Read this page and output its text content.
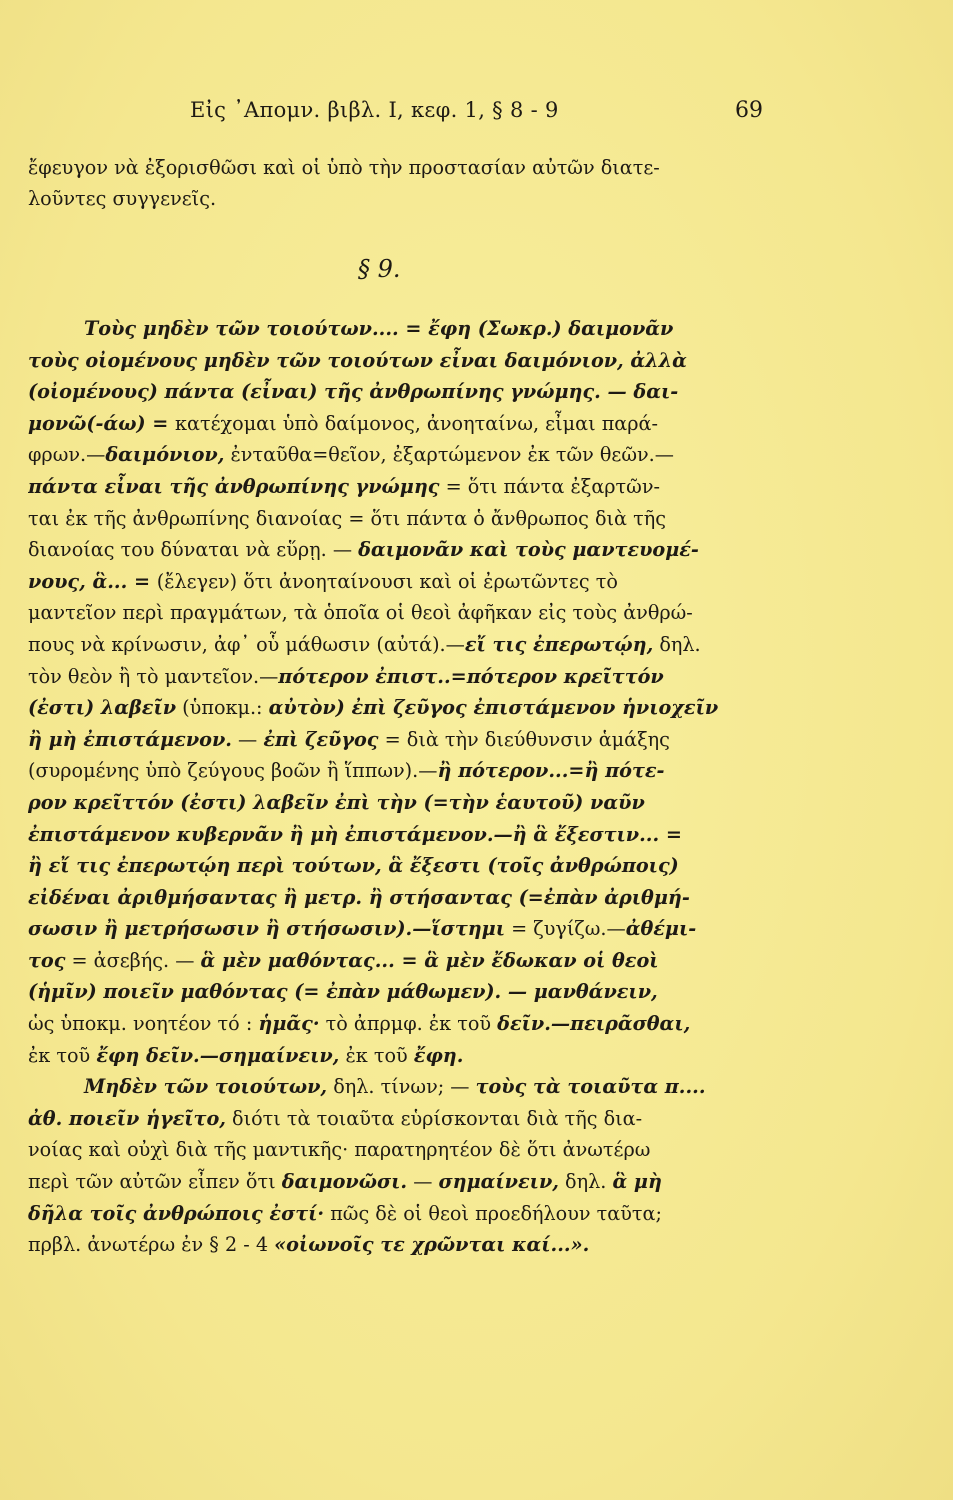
Εἰς ᾿Απομν. βιβλ. I, κεφ. 1, § 8 - 9	69
ἔφευγον νὰ ἐξορισθῶσι καὶ οἱ ὑπὸ τὴν προστασίαν αὐτῶν διατε-
λοῦντες συγγενεῖς.
§ 9.
Τοὺς μηδὲν τῶν τοιούτων.... = ἔφη (Σωκρ.) δαιμονᾶν
τοὺς οἰομένους μηδὲν τῶν τοιούτων εἶναι δαιμόνιον, ἀλλὰ
(οἰομένους) πάντα (εἶναι) τῆς ἀνθρωπίνης γνώμης. — δαι-
μονῶ(-άω) = κατέχομαι ὑπὸ δαίμονος, ἀνοηταίνω, εἶμαι παρά-
φρων.—δαιμόνιον, ἐνταῦθα=θεῖον, ἐξαρτώμενον ἐκ τῶν θεῶν.—
πάντα εἶναι τῆς ἀνθρωπίνης γνώμης = ὅτι πάντα ἐξαρτῶν-
ται ἐκ τῆς ἀνθρωπίνης διανοίας = ὅτι πάντα ὁ ἄνθρωπος διὰ τῆς
διανοίας του δύναται νὰ εὕρῃ. — δαιμονᾶν καὶ τοὺς μαντευομέ-
νους, ἃ... = (ἔλεγεν) ὅτι ἀνοηταίνουσι καὶ οἱ ἐρωτῶντες τὸ
μαντεῖον περὶ πραγμάτων, τὰ ὁποῖα οἱ θεοὶ ἀφῆκαν εἰς τοὺς ἀνθρώ-
πους νὰ κρίνωσιν, ἀφ᾿ οὗ μάθωσιν (αὐτά).—εἴ τις ἐπερωτῴη, δηλ.
τὸν θεὸν ἢ τὸ μαντεῖον.—πότερον ἐπιστ..=πότερον κρεῖττόν
(ἐστι) λαβεῖν (ὑποκμ.: αὐτὸν) ἐπὶ ζεῦγος ἐπιστάμενον ἡνιοχεῖν
ἢ μὴ ἐπιστάμενον. — ἐπὶ ζεῦγος = διὰ τὴν διεύθυνσιν ἁμάξης
(συρομένης ὑπὸ ζεύγους βοῶν ἢ ἵππων).—ἢ πότερον...=ἢ πότε-
ρον κρεῖττόν (ἐστι) λαβεῖν ἐπὶ τὴν (=τὴν ἑαυτοῦ) ναῦν
ἐπιστάμενον κυβερνᾶν ἢ μὴ ἐπιστάμενον.—ἢ ἃ ἔξεστιν... =
ἢ εἴ τις ἐπερωτῴη περὶ τούτων, ἃ ἔξεστι (τοῖς ἀνθρώποις)
εἰδέναι ἀριθμήσαντας ἢ μετρ. ἢ στήσαντας (=ἐπὰν ἀριθμή-
σωσιν ἢ μετρήσωσιν ἢ στήσωσιν).—ἵστημι = ζυγίζω.—ἀθέμι-
τος = ἀσεβής. — ἃ μὲν μαθόντας... = ἃ μὲν ἔδωκαν οἱ θεοὶ
(ἡμῖν) ποιεῖν μαθόντας (= ἐπὰν μάθωμεν). — μανθάνειν,
ὡς ὑποκμ. νοητέον τό : ἡμᾶς· τὸ ἀπρμφ. ἐκ τοῦ δεῖν.—πειρᾶσθαι,
ἐκ τοῦ ἔφη δεῖν.—σημαίνειν, ἐκ τοῦ ἔφη.
Μηδὲν τῶν τοιούτων, δηλ. τίνων; — τοὺς τὰ τοιαῦτα π....
ἀθ. ποιεῖν ἡγεῖτο, διότι τὰ τοιαῦτα εὑρίσκονται διὰ τῆς δια-
νοίας καὶ οὐχὶ διὰ τῆς μαντικῆς· παρατηρητέον δὲ ὅτι ἀνωτέρω
περὶ τῶν αὐτῶν εἶπεν ὅτι δαιμονῶσι. — σημαίνειν, δηλ. ἃ μὴ
δῆλα τοῖς ἀνθρώποις ἐστί· πῶς δὲ οἱ θεοὶ προεδήλουν ταῦτα;
πρβλ. ἀνωτέρω ἐν § 2 - 4 «οἰωνοῖς τε χρῶνται καί...».
